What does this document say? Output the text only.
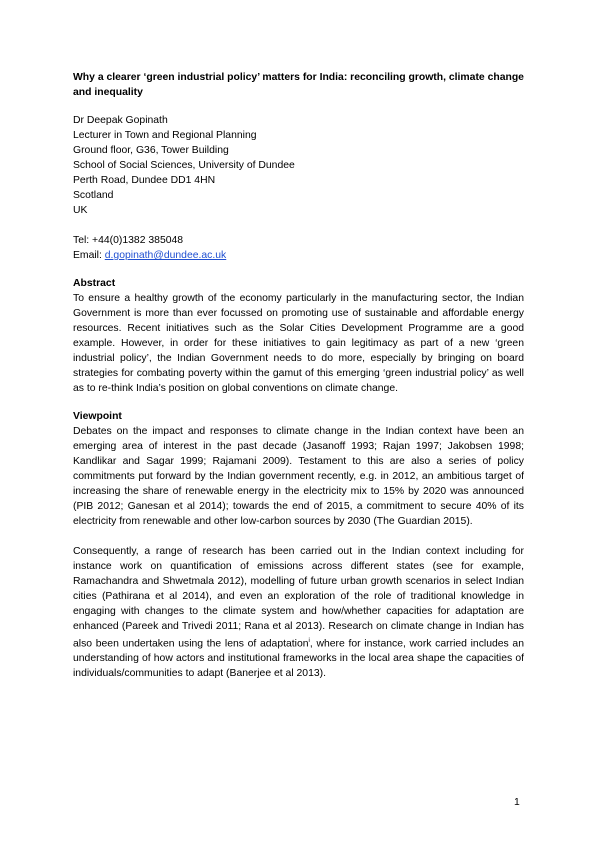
Why a clearer ‘green industrial policy’ matters for India: reconciling growth, climate change and inequality

Dr Deepak Gopinath
Lecturer in Town and Regional Planning
Ground floor, G36, Tower Building
School of Social Sciences, University of Dundee
Perth Road, Dundee DD1 4HN
Scotland
UK
Tel: +44(0)1382 385048
Email: d.gopinath@dundee.ac.uk
Abstract

To ensure a healthy growth of the economy particularly in the manufacturing sector, the Indian Government is more than ever focussed on promoting use of sustainable and affordable energy resources. Recent initiatives such as the Solar Cities Development Programme are a good example. However, in order for these initiatives to gain legitimacy as part of a new ‘green industrial policy’, the Indian Government needs to do more, especially by bringing on board strategies for combating poverty within the gamut of this emerging ‘green industrial policy’ as well as to re-think India’s position on global conventions on climate change.

Viewpoint

Debates on the impact and responses to climate change in the Indian context have been an emerging area of interest in the past decade (Jasanoff 1993; Rajan 1997; Jakobsen 1998; Kandlikar and Sagar 1999; Rajamani 2009). Testament to this are also a series of policy commitments put forward by the Indian government recently, e.g. in 2012, an ambitious target of increasing the share of renewable energy in the electricity mix to 15% by 2020 was announced (PIB 2012; Ganesan et al 2014); towards the end of 2015, a commitment to secure 40% of its electricity from renewable and other low-carbon sources by 2030 (The Guardian 2015).

Consequently, a range of research has been carried out in the Indian context including for instance work on quantification of emissions across different states (see for example, Ramachandra and Shwetmala 2012), modelling of future urban growth scenarios in select Indian cities (Pathirana et al 2014), and even an exploration of the role of traditional knowledge in engaging with changes to the climate system and how/whether capacities for adaptation are enhanced (Pareek and Trivedi 2011; Rana et al 2013). Research on climate change in Indian has also been undertaken using the lens of adaptation$^i$, where for instance, work carried includes an understanding of how actors and institutional frameworks in the local area shape the capacities of individuals/communities to adapt (Banerjee et al 2013).

1
